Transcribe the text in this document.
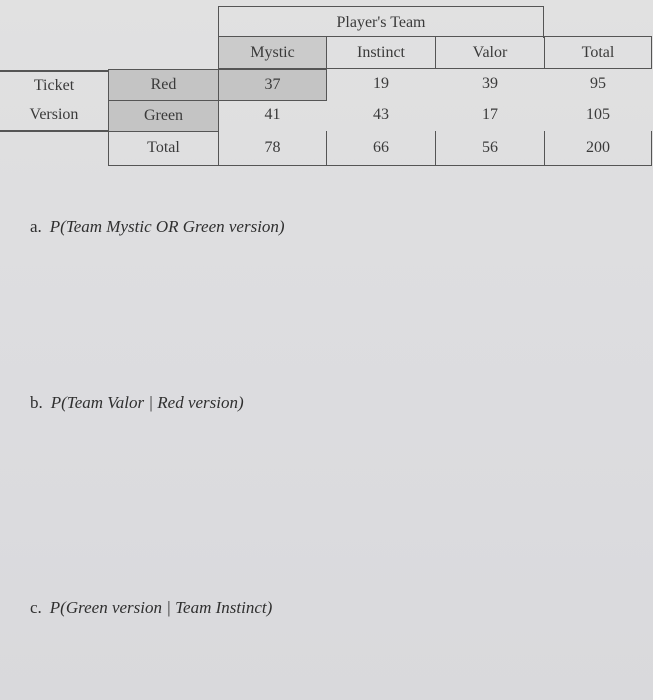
Player's Team
Mystic	Instinct	Valor	Total
Ticket
Version
Red	37	19	39	95
Green	41	43	17	105
Total	78	66	56	200
a. P(Team Mystic OR Green version)
b. P(Team Valor | Red version)
c. P(Green version | Team Instinct)
